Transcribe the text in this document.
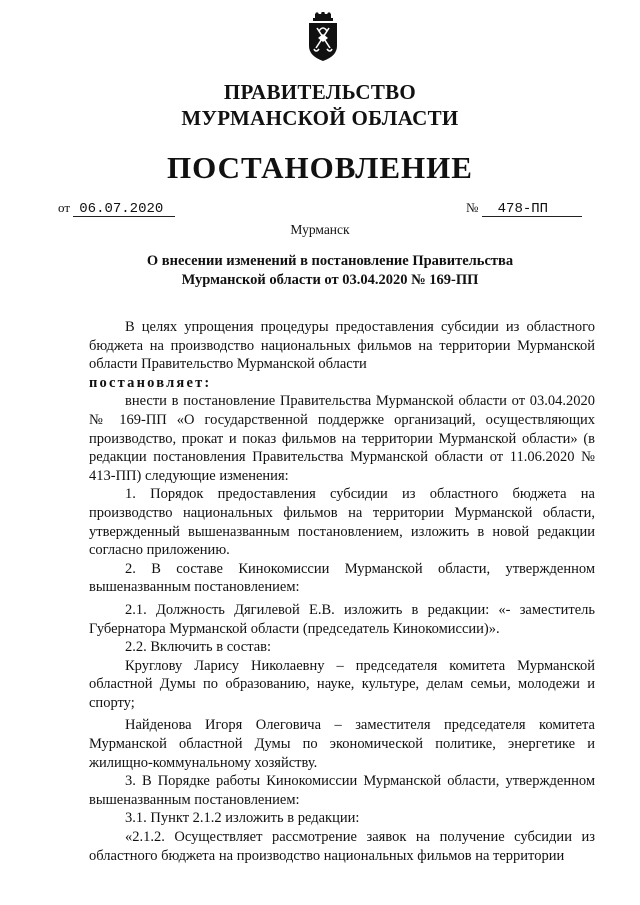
ПРАВИТЕЛЬСТВО
МУРМАНСКОЙ ОБЛАСТИ
ПОСТАНОВЛЕНИЕ
от 06.07.2020	№ 478-ПП
Мурманск
О внесении изменений в постановление Правительства
Мурманской области от 03.04.2020 № 169-ПП

В целях упрощения процедуры предоставления субсидии из областного бюджета на производство национальных фильмов на территории Мурманской области Правительство Мурманской области

постановляет:

внести в постановление Правительства Мурманской области от 03.04.2020 № 169-ПП «О государственной поддержке организаций, осуществляющих производство, прокат и показ фильмов на территории Мурманской области» (в редакции постановления Правительства Мурманской области от 11.06.2020 № 413-ПП) следующие изменения:

1. Порядок предоставления субсидии из областного бюджета на производство национальных фильмов на территории Мурманской области, утвержденный вышеназванным постановлением, изложить в новой редакции согласно приложению.

2. В составе Кинокомиссии Мурманской области, утвержденном вышеназванным постановлением:

2.1. Должность Дягилевой Е.В. изложить в редакции: «- заместитель Губернатора Мурманской области (председатель Кинокомиссии)».

2.2. Включить в состав:

Круглову Ларису Николаевну – председателя комитета Мурманской областной Думы по образованию, науке, культуре, делам семьи, молодежи и спорту;

Найденова Игоря Олеговича – заместителя председателя комитета Мурманской областной Думы по экономической политике, энергетике и жилищно-коммунальному хозяйству.

3. В Порядке работы Кинокомиссии Мурманской области, утвержденном вышеназванным постановлением:

3.1. Пункт 2.1.2 изложить в редакции:

«2.1.2. Осуществляет рассмотрение заявок на получение субсидии из областного бюджета на производство национальных фильмов на территории
